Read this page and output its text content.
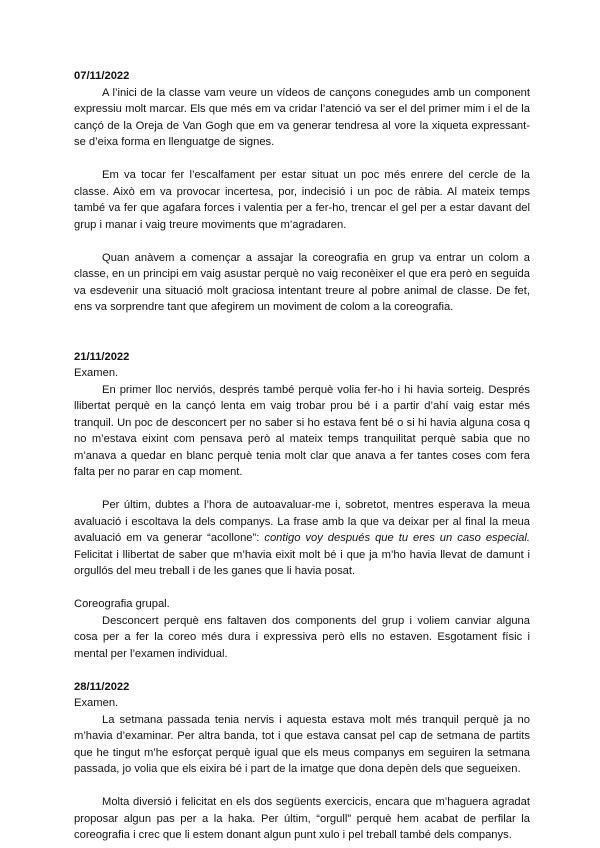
07/11/2022

A l’inici de la classe vam veure un vídeos de cançons conegudes amb un component expressiu molt marcar. Els que més em va cridar l’atenció va ser el del primer mim i el de la cançó de la Oreja de Van Gogh que em va generar tendresa al vore la xiqueta expressant-se d’eixa forma en llenguatge de signes.

Em va tocar fer l’escalfament per estar situat un poc més enrere del cercle de la classe. Això em va provocar incertesa, por, indecisió i un poc de ràbia. Al mateix temps també va fer que agafara forces i valentia per a fer-ho, trencar el gel per a estar davant del grup i manar i vaig treure moviments que m’agradaren.

Quan anàvem a començar a assajar la coreografia en grup va entrar un colom a classe, en un principi em vaig asustar perquè no vaig reconèixer el que era però en seguida va esdevenir una situació molt graciosa intentant treure al pobre animal de classe. De fet, ens va sorprendre tant que afegirem un moviment de colom a la coreografia.

21/11/2022
Examen.

En primer lloc nerviós, després també perquè volia fer-ho i hi havia sorteig. Després llibertat perquè en la cançó lenta em vaig trobar prou bé i a partir d’ahí vaig estar més tranquil. Un poc de desconcert per no saber si ho estava fent bé o si hi havia alguna cosa q no m’estava eixint com pensava però al mateix temps tranquilitat perquè sabia que no m’anava a quedar en blanc perquè tenia molt clar que anava a fer tantes coses com fera falta per no parar en cap moment.

Per últim, dubtes a l’hora de autoavaluar-me i, sobretot, mentres esperava la meua avaluació i escoltava la dels companys. La frase amb la que va deixar per al final la meua avaluació em va generar “acollone”: contigo voy después que tu eres un caso especial. Felicitat i llibertat de saber que m’havia eixit molt bé i que ja m’ho havia llevat de damunt i orgullós del meu treball i de les ganes que li havia posat.

Coreografia grupal.

Desconcert perquè ens faltaven dos components del grup i voliem canviar alguna cosa per a fer la coreo més dura i expressiva però ells no estaven. Esgotament físic i mental per l’examen individual.

28/11/2022
Examen.

La setmana passada tenia nervis i aquesta estava molt més tranquil perquè ja no m’havia d’examinar. Per altra banda, tot i que estava cansat pel cap de setmana de partits que he tingut m’he esforçat perquè igual que els meus companys em seguiren la setmana passada, jo volia que els eixira bé i part de la imatge que dona depèn dels que segueixen.

Molta diversió i felicitat en els dos següents exercicis, encara que m’haguera agradat proposar algun pas per a la haka. Per últim, “orgull” perquè hem acabat de perfilar la coreografia i crec que li estem donant algun punt xulo i pel treball també dels companys.
